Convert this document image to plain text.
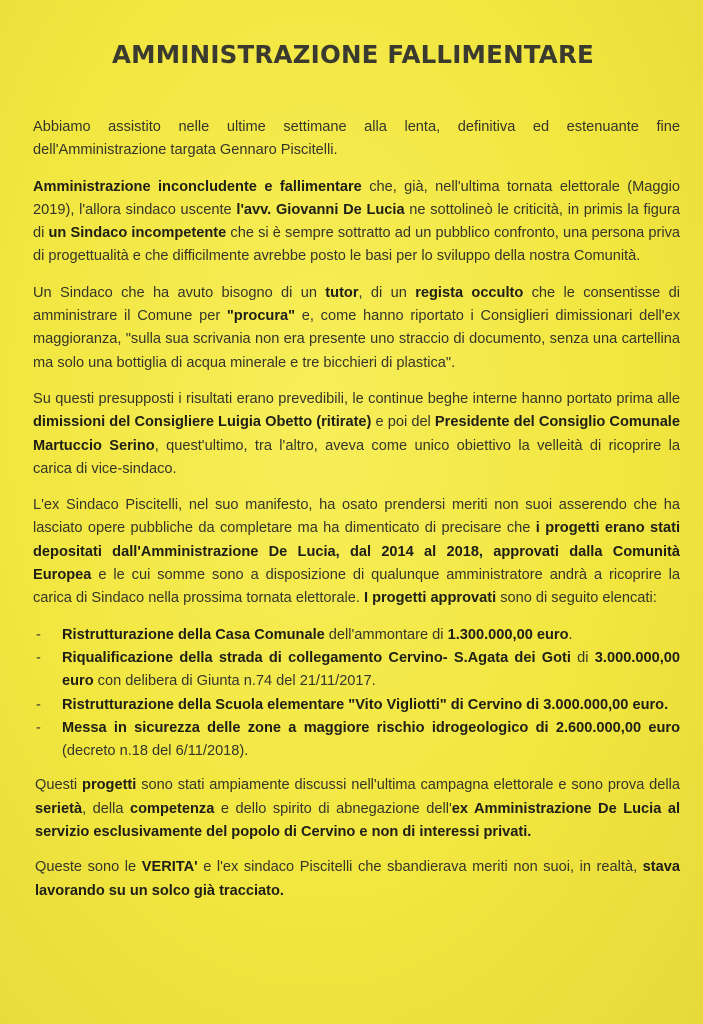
AMMINISTRAZIONE FALLIMENTARE

Abbiamo assistito nelle ultime settimane alla lenta, definitiva ed estenuante fine dell'Amministrazione targata Gennaro Piscitelli.

Amministrazione inconcludente e fallimentare che, già, nell'ultima tornata elettorale (Maggio 2019), l'allora sindaco uscente l'avv. Giovanni De Lucia ne sottolineò le criticità, in primis la figura di un Sindaco incompetente che si è sempre sottratto ad un pubblico confronto, una persona priva di progettualità e che difficilmente avrebbe posto le basi per lo sviluppo della nostra Comunità.

Un Sindaco che ha avuto bisogno di un tutor, di un regista occulto che le consentisse di amministrare il Comune per "procura" e, come hanno riportato i Consiglieri dimissionari dell'ex maggioranza, "sulla sua scrivania non era presente uno straccio di documento, senza una cartellina ma solo una bottiglia di acqua minerale e tre bicchieri di plastica".

Su questi presupposti i risultati erano prevedibili, le continue beghe interne hanno portato prima alle dimissioni del Consigliere Luigia Obetto (ritirate) e poi del Presidente del Consiglio Comunale Martuccio Serino, quest'ultimo, tra l'altro, aveva come unico obiettivo la velleità di ricoprire la carica di vice-sindaco.

L'ex Sindaco Piscitelli, nel suo manifesto, ha osato prendersi meriti non suoi asserendo che ha lasciato opere pubbliche da completare ma ha dimenticato di precisare che i progetti erano stati depositati dall'Amministrazione De Lucia, dal 2014 al 2018, approvati dalla Comunità Europea e le cui somme sono a disposizione di qualunque amministratore andrà a ricoprire la carica di Sindaco nella prossima tornata elettorale. I progetti approvati sono di seguito elencati:

- Ristrutturazione della Casa Comunale dell'ammontare di 1.300.000,00 euro.
- Riqualificazione della strada di collegamento Cervino- S.Agata dei Goti di 3.000.000,00 euro con delibera di Giunta n.74 del 21/11/2017.
- Ristrutturazione della Scuola elementare "Vito Vigliotti" di Cervino di 3.000.000,00 euro.
- Messa in sicurezza delle zone a maggiore rischio idrogeologico di 2.600.000,00 euro (decreto n.18 del 6/11/2018).

Questi progetti sono stati ampiamente discussi nell'ultima campagna elettorale e sono prova della serietà, della competenza e dello spirito di abnegazione dell'ex Amministrazione De Lucia al servizio esclusivamente del popolo di Cervino e non di interessi privati.

Queste sono le VERITA' e l'ex sindaco Piscitelli che sbandierava meriti non suoi, in realtà, stava lavorando su un solco già tracciato.
